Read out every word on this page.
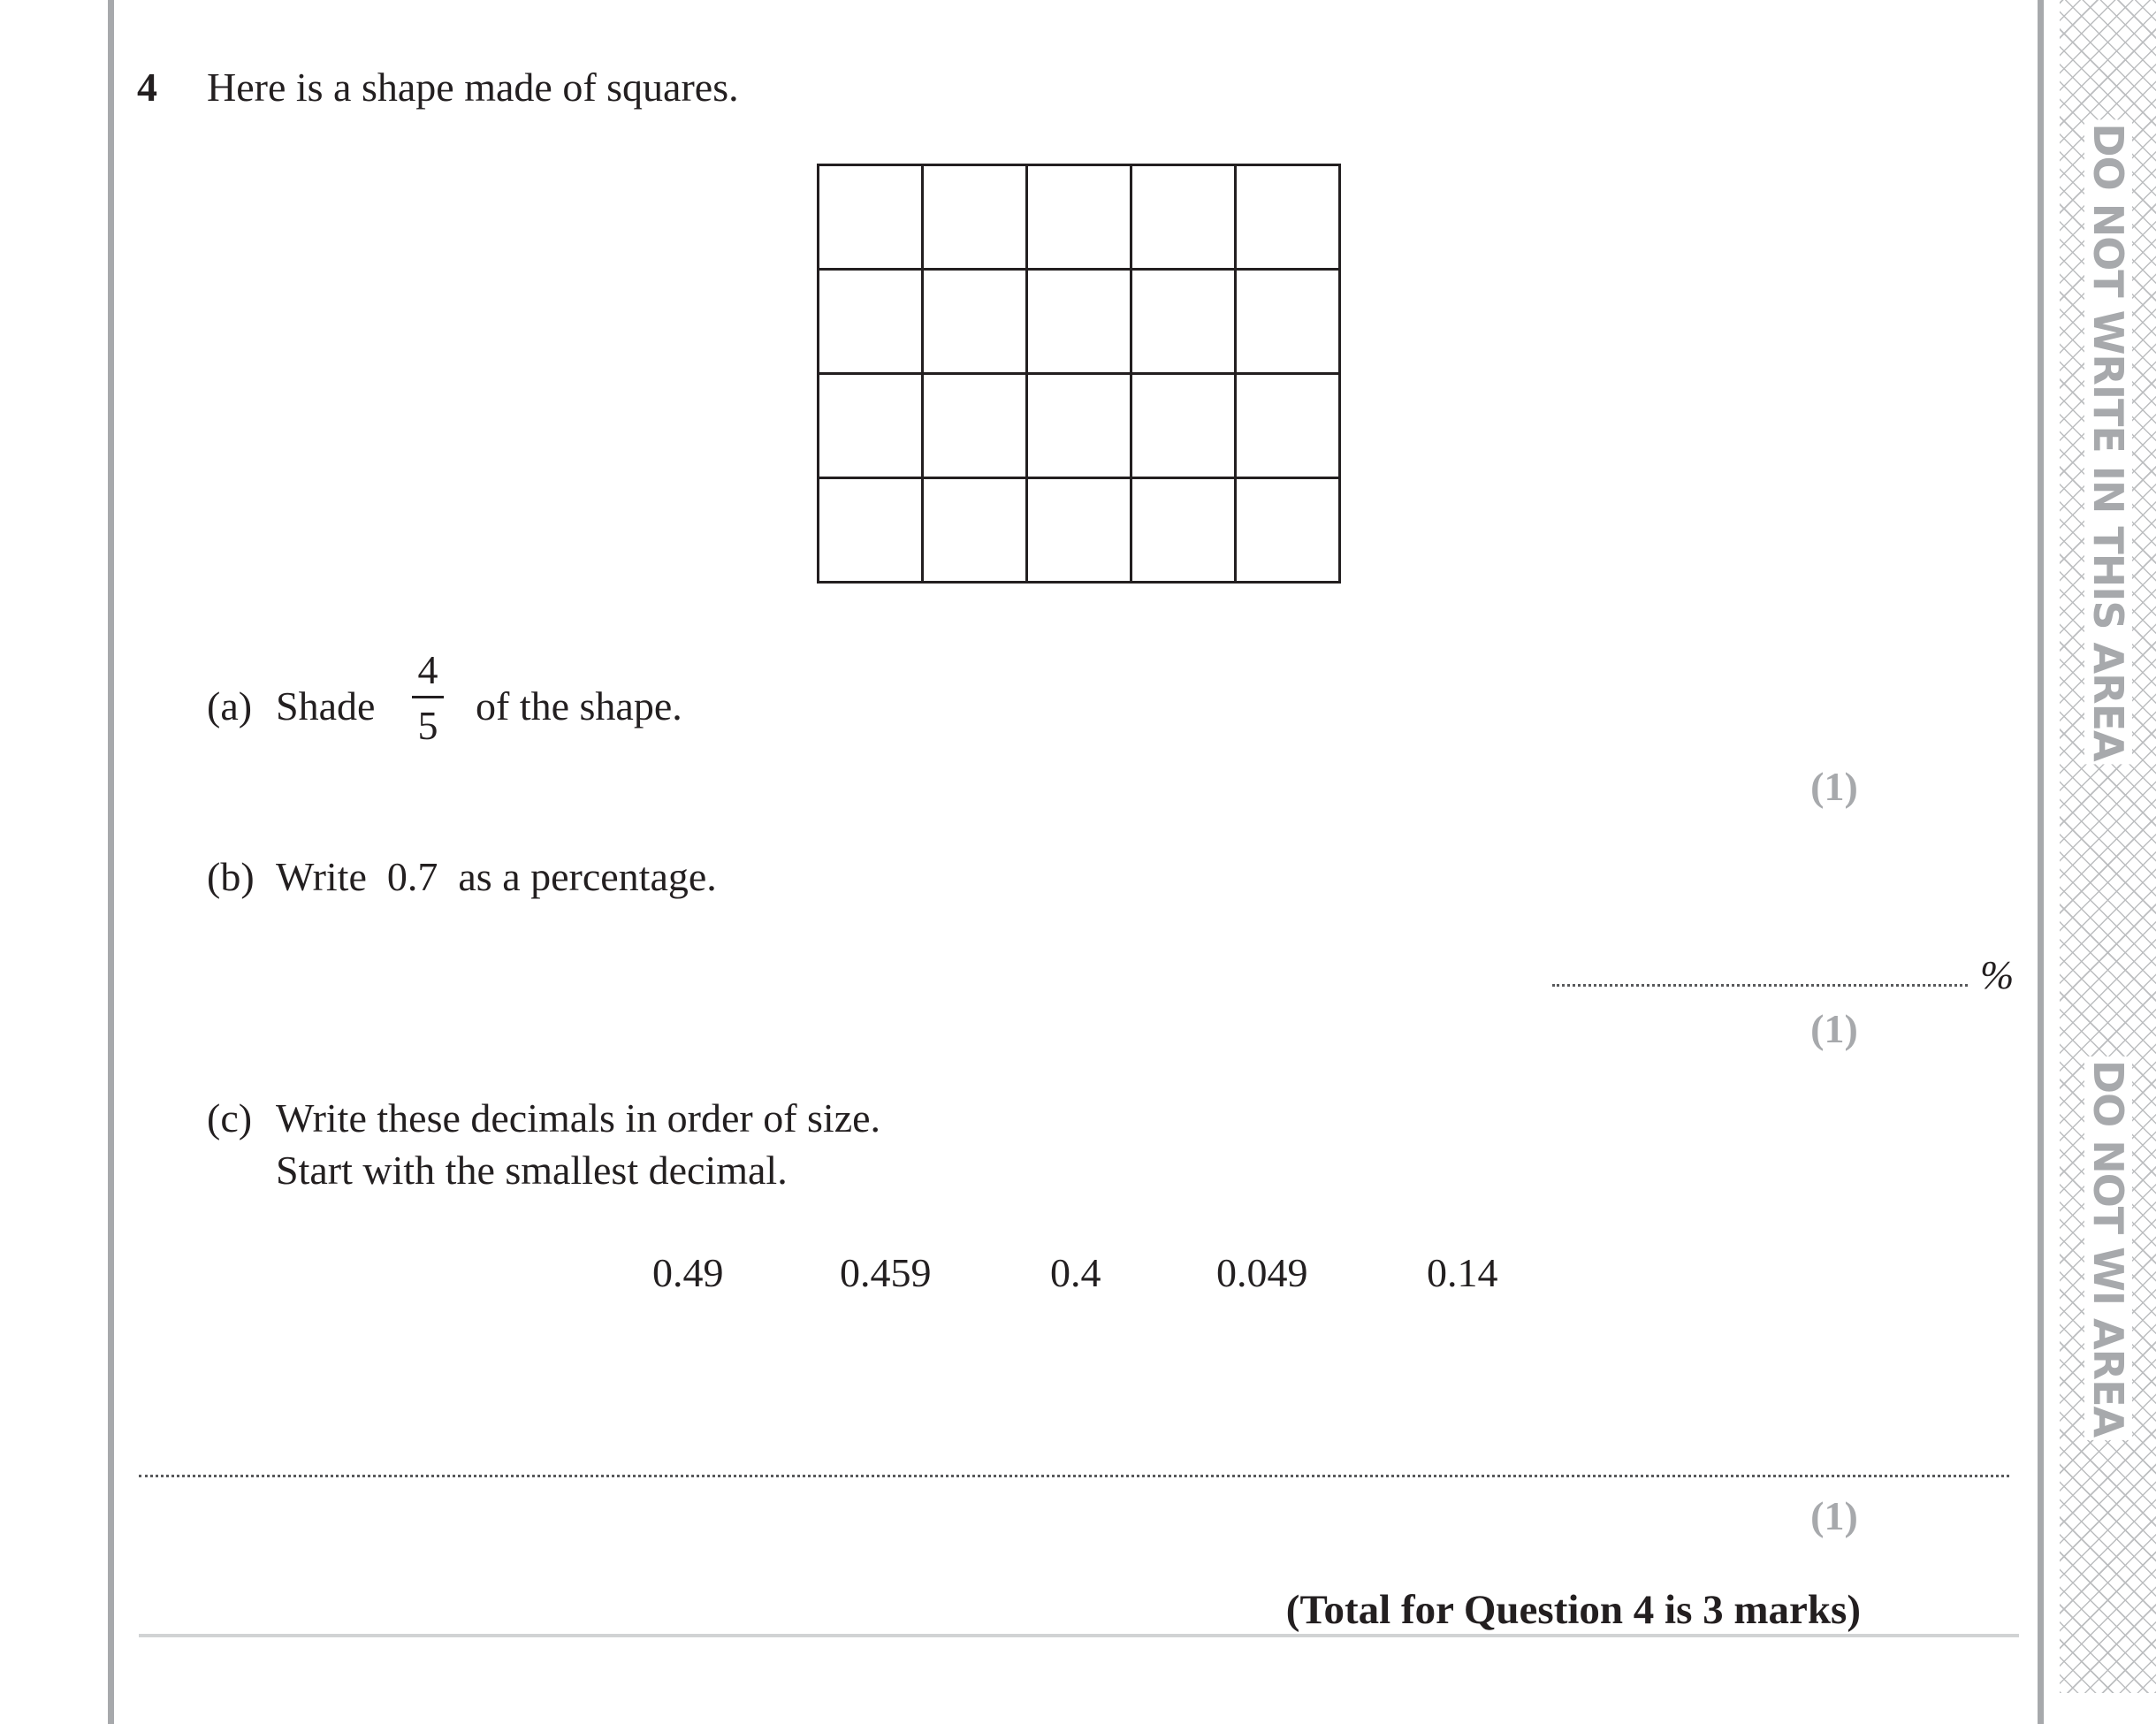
DO NOT WRITE IN THIS AREA
DO NOT WI AREA
4 Here is a shape made of squares.
(a) Shade $\frac{4}{5}$ of the shape.
(1)
(b) Write  0.7  as a percentage.
%
(1)
(c) Write these decimals in order of size.
Start with the smallest decimal.
0.49	0.459	0.4	0.049	0.14
(1)
(Total for Question 4 is 3 marks)
